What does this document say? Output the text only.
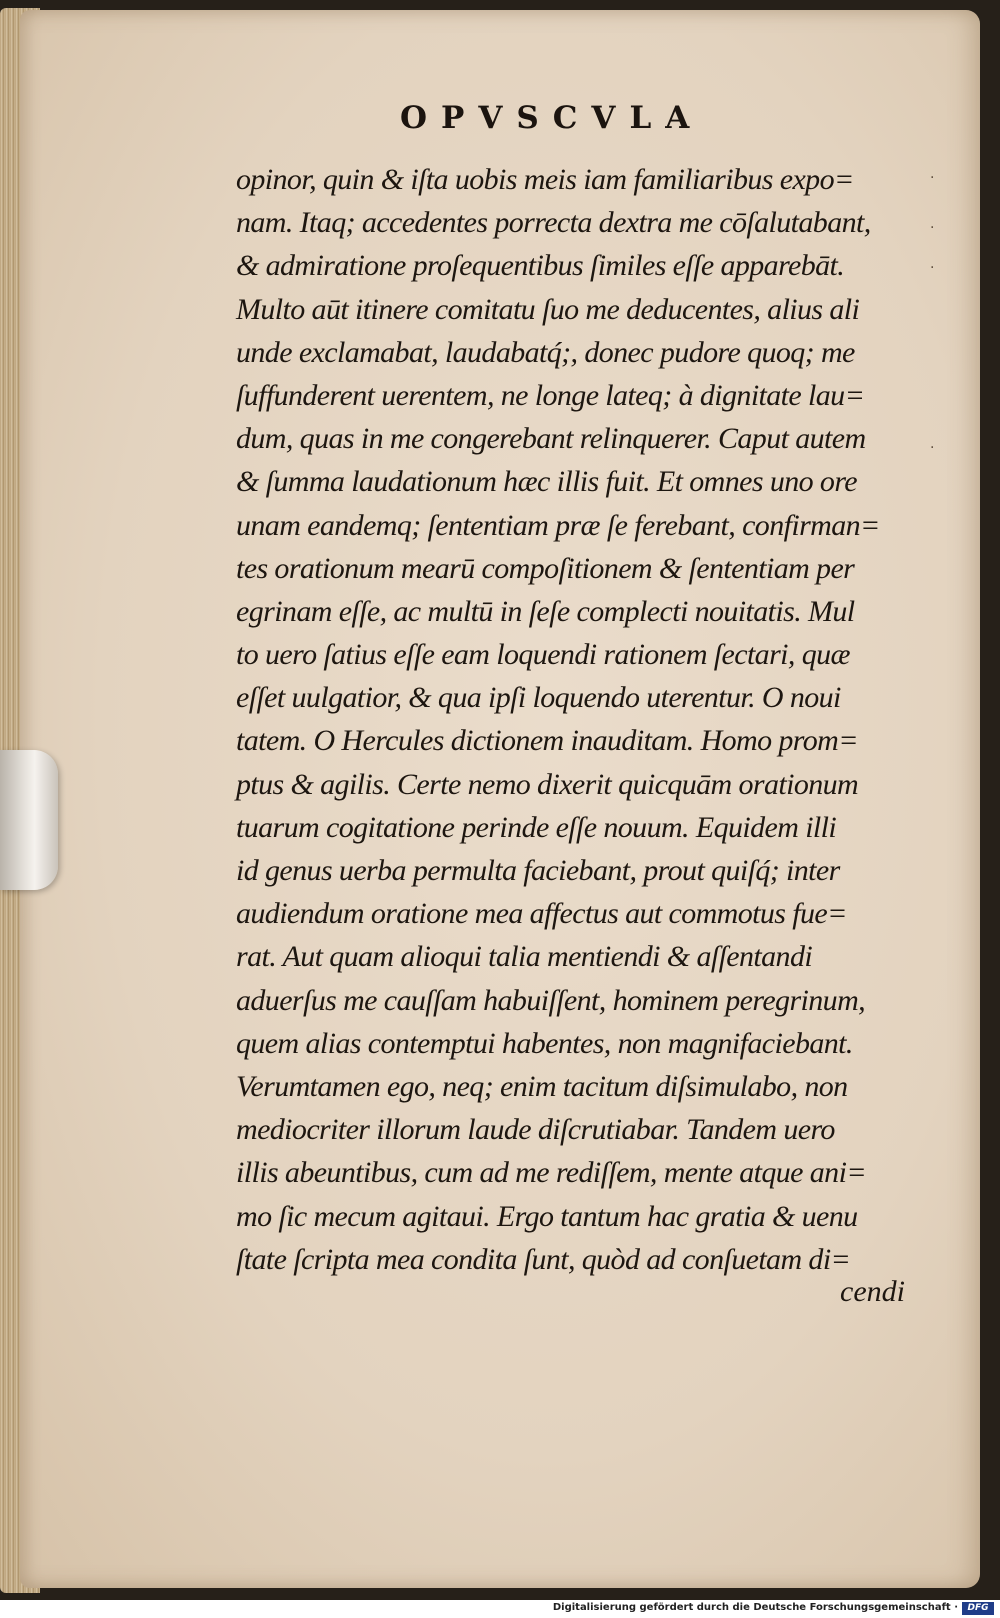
OPVSCVLA
opinor, quin & iſta uobis meis iam familiaribus expo=
nam. Itaq; accedentes porrecta dextra me cōſalutabant,
& admiratione proſequentibus ſimiles eſſe apparebāt.
Multo aūt itinere comitatu ſuo me deducentes, alius ali
unde exclamabat, laudabatq́;, donec pudore quoq; me
ſuffunderent uerentem, ne longe lateq; à dignitate lau=
dum, quas in me congerebant relinquerer. Caput autem
& ſumma laudationum hæc illis fuit. Et omnes uno ore
unam eandemq; ſententiam præ ſe ferebant, confirman=
tes orationum mearū compoſitionem & ſententiam per
egrinam eſſe, ac multū in ſeſe complecti nouitatis. Mul
to uero ſatius eſſe eam loquendi rationem ſectari, quæ
eſſet uulgatior, & qua ipſi loquendo uterentur. O noui
tatem. O Hercules dictionem inauditam. Homo prom=
ptus & agilis. Certe nemo dixerit quicquām orationum
tuarum cogitatione perinde eſſe nouum. Equidem illi
id genus uerba permulta faciebant, prout quiſq́; inter
audiendum oratione mea affectus aut commotus fue=
rat. Aut quam alioqui talia mentiendi & aſſentandi
aduerſus me cauſſam habuiſſent, hominem peregrinum,
quem alias contemptui habentes, non magnifaciebant.
Verumtamen ego, neq; enim tacitum diſsimulabo, non
mediocriter illorum laude diſcrutiabar. Tandem uero
illis abeuntibus, cum ad me rediſſem, mente atque ani=
mo ſic mecum agitaui. Ergo tantum hac gratia & uenu
ſtate ſcripta mea condita ſunt, quòd ad conſuetam di=

cendi

·
·
·
·
Digitalisierung gefördert durch die Deutsche Forschungsgemeinschaft ·	DFG
